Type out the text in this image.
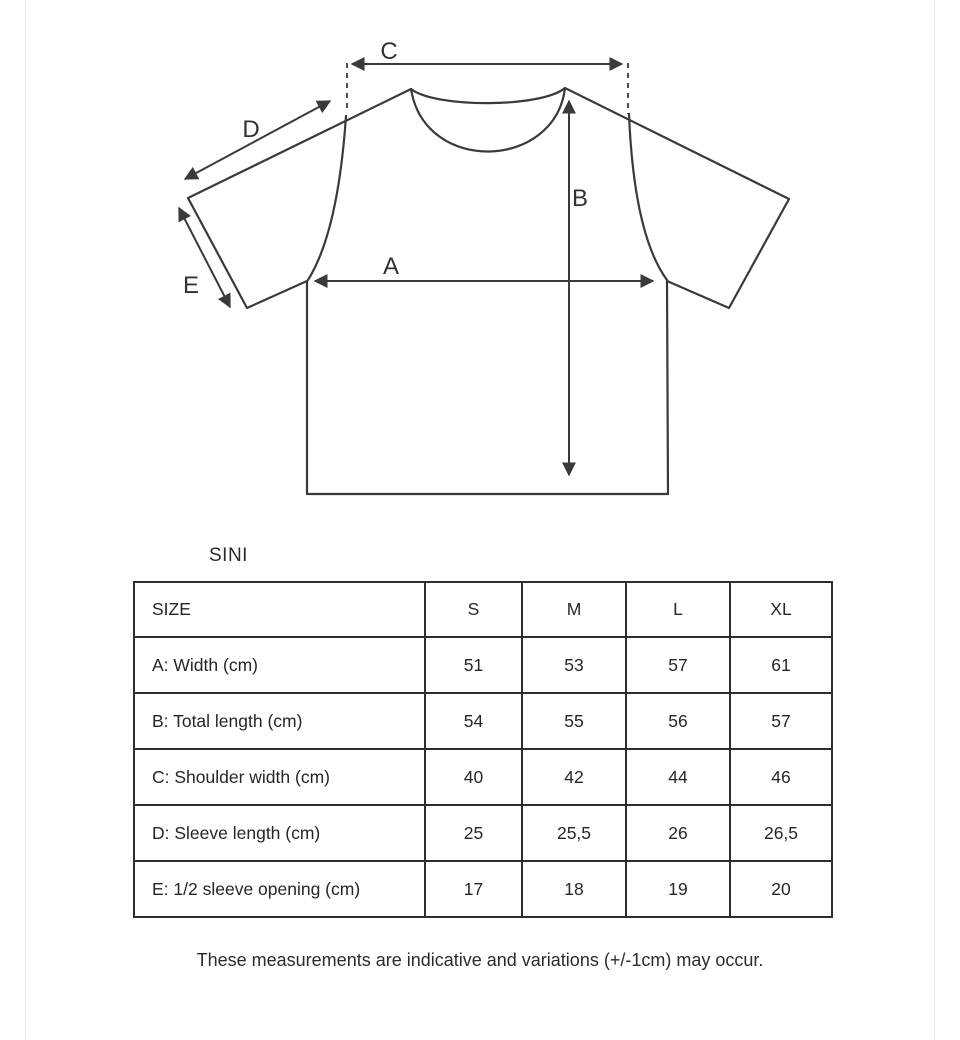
C
D
E
A
B
SINI
SIZE	S	M	L	XL
A: Width (cm)	51	53	57	61
B: Total length (cm)	54	55	56	57
C: Shoulder width (cm)	40	42	44	46
D: Sleeve length (cm)	25	25,5	26	26,5
E: 1/2 sleeve opening (cm)	17	18	19	20
These measurements are indicative and variations (+/-1cm) may occur.
